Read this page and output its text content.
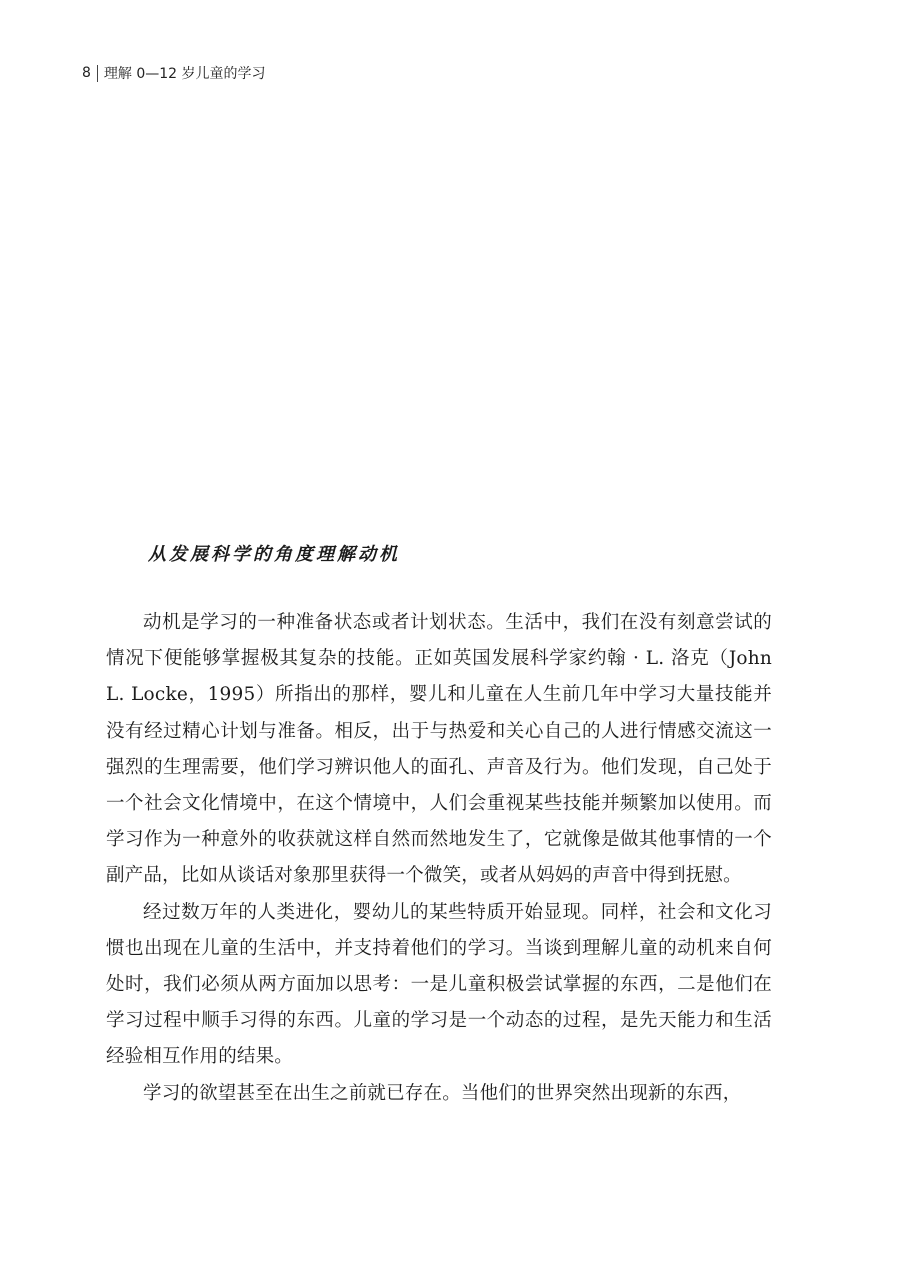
8 理解 0—12 岁儿童的学习
从发展科学的角度理解动机

动机是学习的一种准备状态或者计划状态。生活中，我们在没有刻意尝试的情况下便能够掌握极其复杂的技能。正如英国发展科学家约翰 · L. 洛克（John L. Locke，1995）所指出的那样，婴儿和儿童在人生前几年中学习大量技能并没有经过精心计划与准备。相反，出于与热爱和关心自己的人进行情感交流这一强烈的生理需要，他们学习辨识他人的面孔、声音及行为。他们发现，自己处于一个社会文化情境中，在这个情境中，人们会重视某些技能并频繁加以使用。而学习作为一种意外的收获就这样自然而然地发生了，它就像是做其他事情的一个副产品，比如从谈话对象那里获得一个微笑，或者从妈妈的声音中得到抚慰。

经过数万年的人类进化，婴幼儿的某些特质开始显现。同样，社会和文化习惯也出现在儿童的生活中，并支持着他们的学习。当谈到理解儿童的动机来自何处时，我们必须从两方面加以思考：一是儿童积极尝试掌握的东西，二是他们在学习过程中顺手习得的东西。儿童的学习是一个动态的过程，是先天能力和生活经验相互作用的结果。

学习的欲望甚至在出生之前就已存在。当他们的世界突然出现新的东西，
